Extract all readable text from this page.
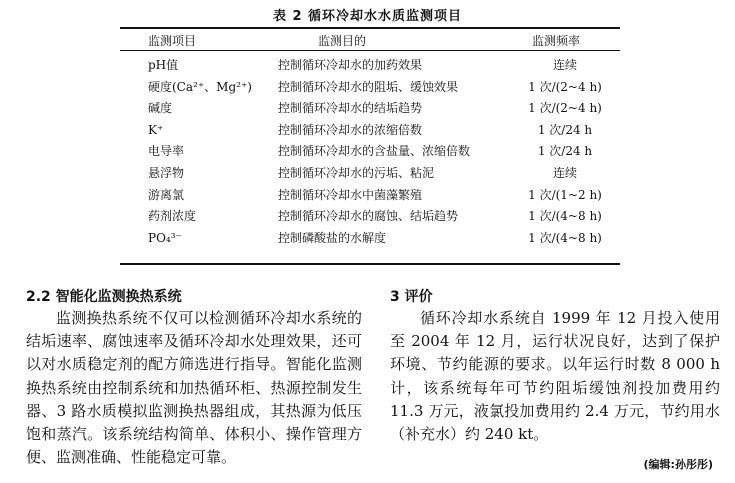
表 2 循环冷却水水质监测项目
监测项目	监测目的	监测频率
pH值	控制循环冷却水的加药效果	连续
硬度(Ca²⁺、Mg²⁺) 控制循环冷却水的阻垢、缓蚀效果	1 次/(2~4 h)
碱度	控制循环冷却水的结垢趋势	1 次/(2~4 h)
K⁺	控制循环冷却水的浓缩倍数	1 次/24 h
电导率	控制循环冷却水的含盐量、浓缩倍数	1 次/24 h
悬浮物	控制循环冷却水的污垢、粘泥	连续
游离氯	控制循环冷却水中菌藻繁殖	1 次/(1~2 h)
药剂浓度	控制循环冷却水的腐蚀、结垢趋势	1 次/(4~8 h)
PO₄³⁻	控制磷酸盐的水解度	1 次/(4~8 h)
2.2 智能化监测换热系统

监测换热系统不仅可以检测循环冷却水系统的结垢速率、腐蚀速率及循环冷却水处理效果，还可以对水质稳定剂的配方筛选进行指导。智能化监测换热系统由控制系统和加热循环柜、热源控制发生器、3 路水质模拟监测换热器组成，其热源为低压饱和蒸汽。该系统结构简单、体积小、操作管理方便、监测准确、性能稳定可靠。

3 评价

循环冷却水系统自 1999 年 12 月投入使用至 2004 年 12 月，运行状况良好，达到了保护环境、节约能源的要求。以年运行时数 8 000 h 计，该系统每年可节约阻垢缓蚀剂投加费用约 11.3 万元，液氯投加费用约 2.4 万元，节约用水（补充水）约 240 kt。

(编辑:孙彤彤)
